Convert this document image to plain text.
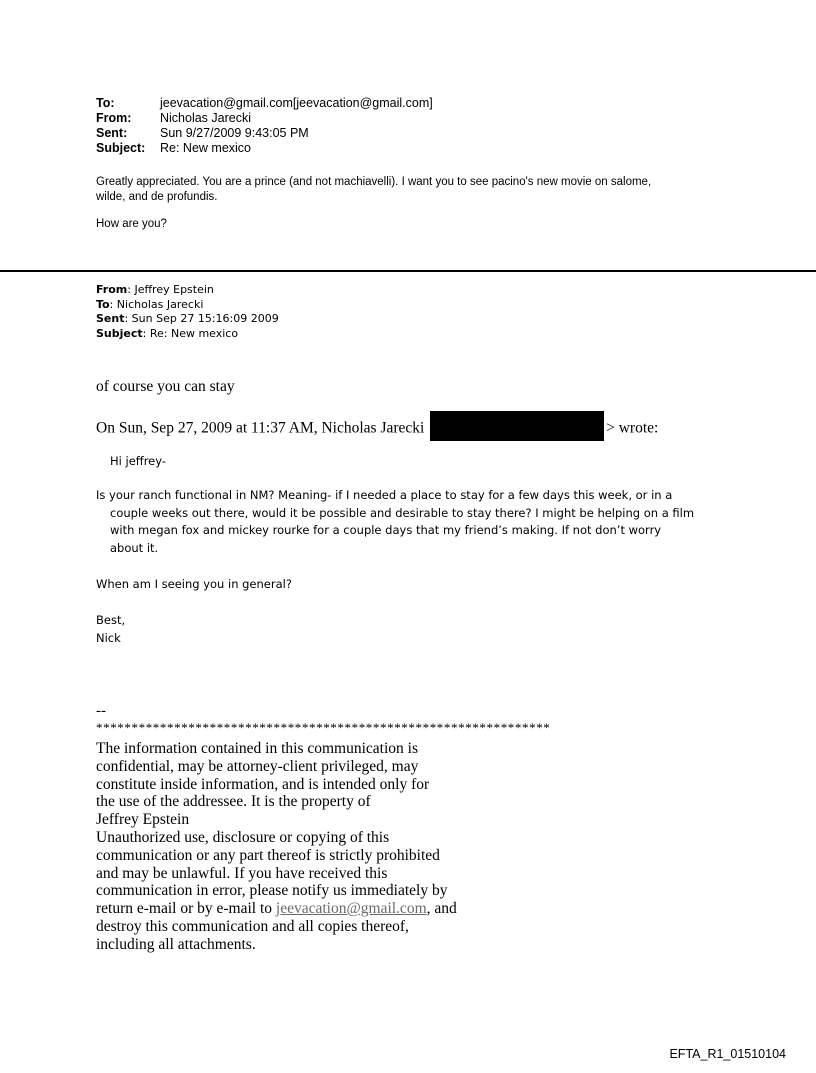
To:	jeevacation@gmail.com[jeevacation@gmail.com]
From:	Nicholas Jarecki
Sent:	Sun 9/27/2009 9:43:05 PM
Subject:	Re: New mexico

Greatly appreciated. You are a prince (and not machiavelli). I want you to see pacino's new movie on salome,

wilde, and de profundis.

How are you?

From: Jeffrey Epstein
To: Nicholas Jarecki
Sent: Sun Sep 27 15:16:09 2009
Subject: Re: New mexico
of course you can stay
On Sun, Sep 27, 2009 at 11:37 AM, Nicholas Jarecki	> wrote:
Hi jeffrey-

Is your ranch functional in NM? Meaning- if I needed a place to stay for a few days this week, or in a
couple weeks out there, would it be possible and desirable to stay there? I might be helping on a film
with megan fox and mickey rourke for a couple days that my friend’s making. If not don’t worry
about it.

When am I seeing you in general?
Best,
Nick
--
****************************************************************
The information contained in this communication is
confidential, may be attorney-client privileged, may
constitute inside information, and is intended only for
the use of the addressee. It is the property of
Jeffrey Epstein
Unauthorized use, disclosure or copying of this
communication or any part thereof is strictly prohibited
and may be unlawful. If you have received this
communication in error, please notify us immediately by
return e-mail or by e-mail to jeevacation@gmail.com, and
destroy this communication and all copies thereof,
including all attachments.
EFTA_R1_01510104
